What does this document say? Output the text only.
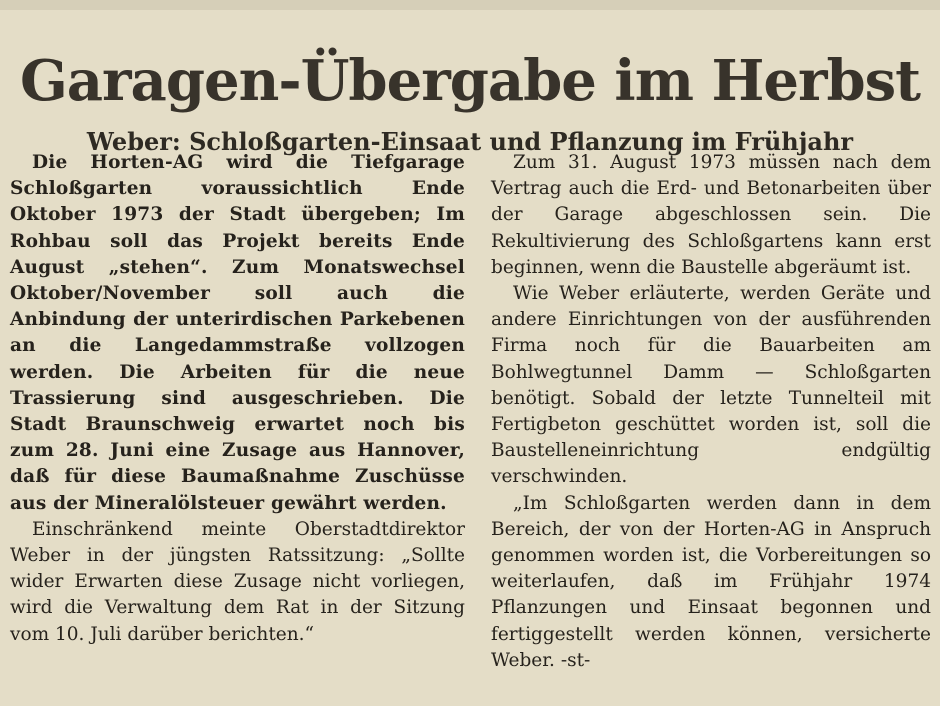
Garagen-Übergabe im Herbst
Weber: Schloßgarten-Einsaat und Pflanzung im Frühjahr

Die Horten-AG wird die Tiefgarage Schloßgarten voraussichtlich Ende Oktober 1973 der Stadt übergeben; Im Rohbau soll das Projekt bereits Ende August „stehen“. Zum Monatswechsel Oktober/November soll auch die Anbindung der unterirdischen Parkebenen an die Langedammstraße vollzogen werden. Die Arbeiten für die neue Trassierung sind ausgeschrieben. Die Stadt Braunschweig erwartet noch bis zum 28. Juni eine Zusage aus Hannover, daß für diese Baumaßnahme Zuschüsse aus der Mineralölsteuer gewährt werden.

Einschränkend meinte Oberstadtdirektor Weber in der jüngsten Ratssitzung: „Sollte wider Erwarten diese Zusage nicht vorliegen, wird die Verwaltung dem Rat in der Sitzung vom 10. Juli darüber berichten.“

Zum 31. August 1973 müssen nach dem Vertrag auch die Erd- und Betonarbeiten über der Garage abgeschlossen sein. Die Rekultivierung des Schloßgartens kann erst beginnen, wenn die Baustelle abgeräumt ist.

Wie Weber erläuterte, werden Geräte und andere Einrichtungen von der ausführenden Firma noch für die Bauarbeiten am Bohlwegtunnel Damm — Schloßgarten benötigt. Sobald der letzte Tunnelteil mit Fertigbeton geschüttet worden ist, soll die Baustelleneinrichtung endgültig verschwinden.

„Im Schloßgarten werden dann in dem Bereich, der von der Horten-AG in Anspruch genommen worden ist, die Vorbereitungen so weiterlaufen, daß im Frühjahr 1974 Pflanzungen und Einsaat begonnen und fertiggestellt werden können, versicherte Weber. -st-
